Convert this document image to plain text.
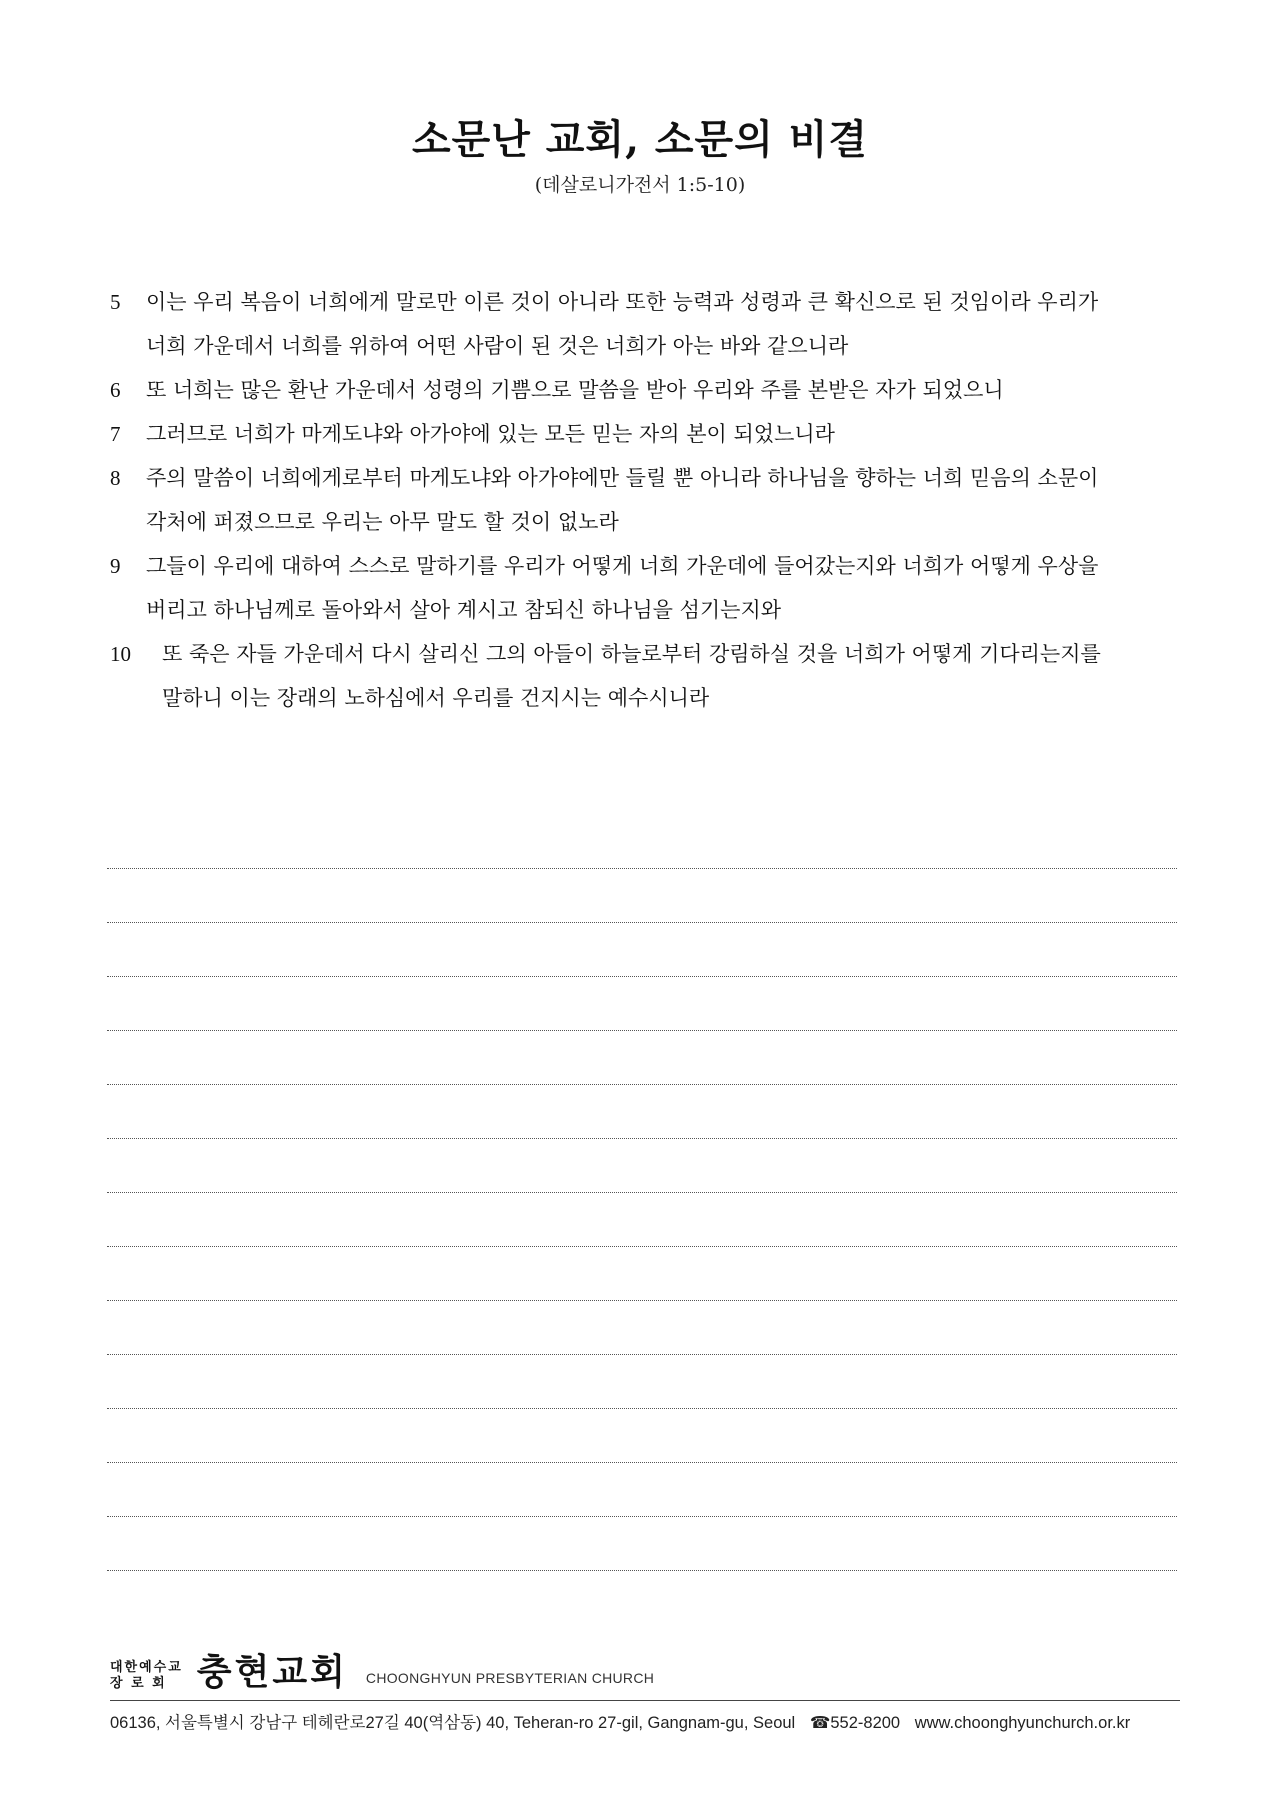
소문난 교회, 소문의 비결
(데살로니가전서 1:5-10)
5	이는 우리 복음이 너희에게 말로만 이른 것이 아니라 또한 능력과 성령과 큰 확신으로 된 것임이라 우리가
너희 가운데서 너희를 위하여 어떤 사람이 된 것은 너희가 아는 바와 같으니라
6	또 너희는 많은 환난 가운데서 성령의 기쁨으로 말씀을 받아 우리와 주를 본받은 자가 되었으니
7	그러므로 너희가 마게도냐와 아가야에 있는 모든 믿는 자의 본이 되었느니라
8	주의 말씀이 너희에게로부터 마게도냐와 아가야에만 들릴 뿐 아니라 하나님을 향하는 너희 믿음의 소문이
각처에 퍼졌으므로 우리는 아무 말도 할 것이 없노라
9	그들이 우리에 대하여 스스로 말하기를 우리가 어떻게 너희 가운데에 들어갔는지와 너희가 어떻게 우상을
버리고 하나님께로 돌아와서 살아 계시고 참되신 하나님을 섬기는지와
10	또 죽은 자들 가운데서 다시 살리신 그의 아들이 하늘로부터 강림하실 것을 너희가 어떻게 기다리는지를
말하니 이는 장래의 노하심에서 우리를 건지시는 예수시니라
대한예수교
장 로 회 충현교회 CHOONGHYUN PRESBYTERIAN CHURCH
06136, 서울특별시 강남구 테헤란로27길 40(역삼동) 40, Teheran-ro 27-gil, Gangnam-gu, Seoul ☎552-8200 www.choonghyunchurch.or.kr
